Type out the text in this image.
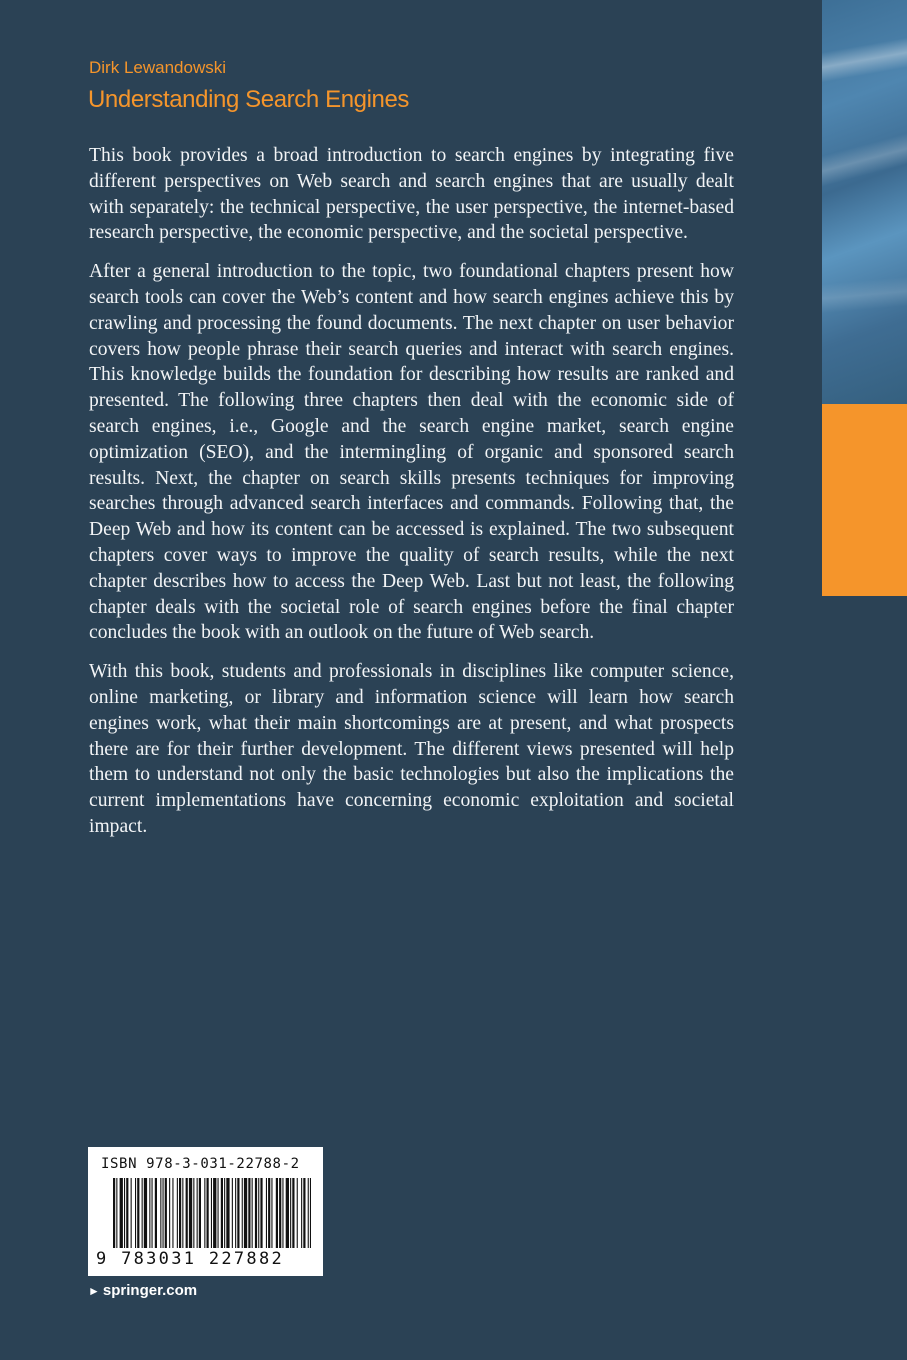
Dirk Lewandowski
Understanding Search Engines

This book provides a broad introduction to search engines by integrating five different perspectives on Web search and search engines that are usually dealt with separately: the technical perspective, the user perspective, the internet-based research perspective, the economic perspective, and the societal perspective.

After a general introduction to the topic, two foundational chapters present how search tools can cover the Web’s content and how search engines achieve this by crawling and processing the found documents. The next chapter on user behavior covers how people phrase their search queries and interact with search engines. This knowledge builds the foundation for describing how results are ranked and presented. The following three chapters then deal with the economic side of search engines, i.e., Google and the search engine market, search engine optimization (SEO), and the intermingling of organic and sponsored search results. Next, the chapter on search skills presents techniques for improving searches through advanced search interfaces and commands. Following that, the Deep Web and how its content can be accessed is explained. The two subsequent chapters cover ways to improve the quality of search results, while the next chapter describes how to access the Deep Web. Last but not least, the following chapter deals with the societal role of search engines before the final chapter concludes the book with an outlook on the future of Web search.

With this book, students and professionals in disciplines like computer science, online marketing, or library and information science will learn how search engines work, what their main shortcomings are at present, and what prospects there are for their further development. The different views presented will help them to understand not only the basic technologies but also the implications the current implementations have concerning economic exploitation and societal impact.

ISBN 978-3-031-22788-2
9 783031 227882
► springer.com
